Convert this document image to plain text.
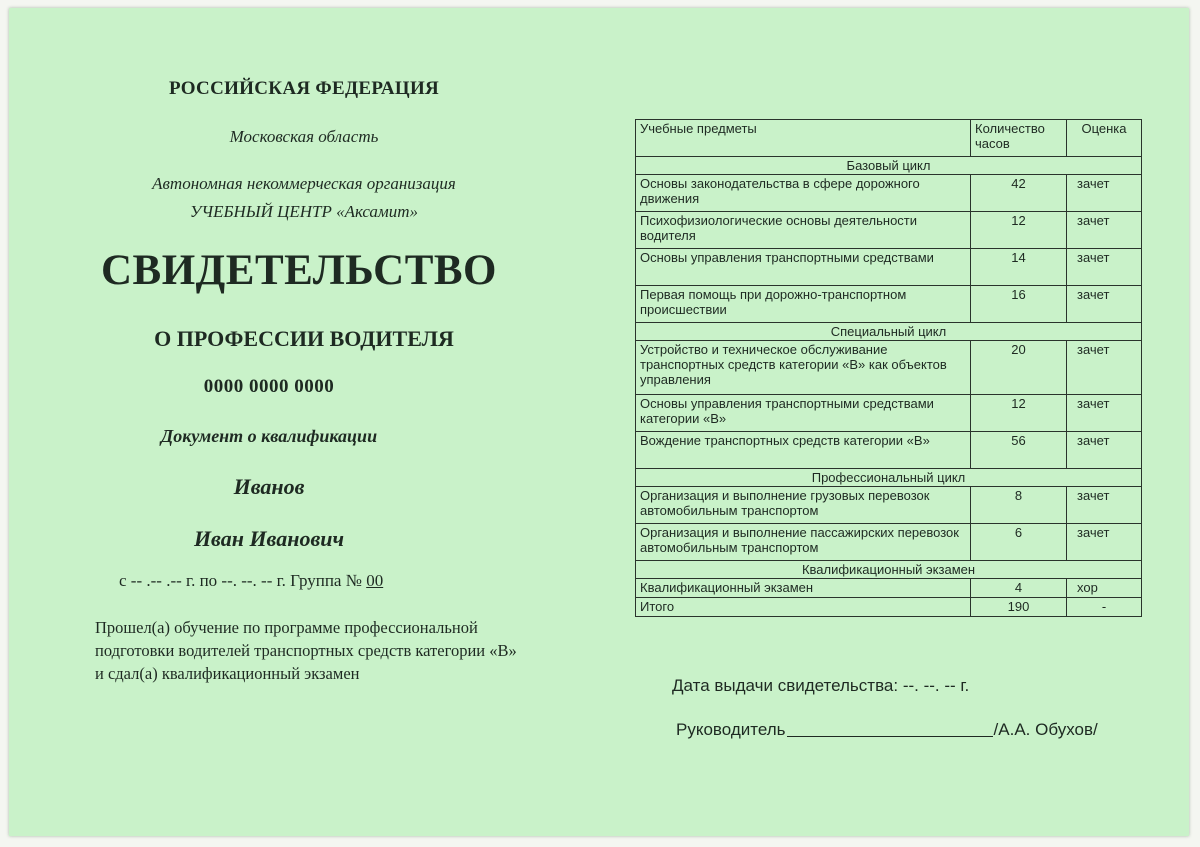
РОССИЙСКАЯ ФЕДЕРАЦИЯ
Московская область
Автономная некоммерческая организация
УЧЕБНЫЙ ЦЕНТР «Аксамит»
СВИДЕТЕЛЬСТВО
О ПРОФЕССИИ ВОДИТЕЛЯ
0000 0000 0000
Документ о квалификации
Иванов
Иван Иванович
с -- .-- .-- г. по --. --. -- г. Группа № 00
Прошел(а) обучение по программе профессиональной
подготовки водителей транспортных средств категории «В»
и сдал(а) квалификационный экзамен
Учебные предметы	Количество часов	Оценка
Базовый цикл		
Основы законодательства в сфере дорожного движения	42	зачет
Психофизиологические основы деятельности водителя	12	зачет
Основы управления транспортными средствами	14	зачет
Первая помощь при дорожно-транспортном происшествии	16	зачет
Специальный цикл		
Устройство и техническое обслуживание транспортных средств категории «В» как объектов управления	20	зачет
Основы управления транспортными средствами категории «В»	12	зачет
Вождение транспортных средств категории «В»	56	зачет
Профессиональный цикл		
Организация и выполнение грузовых перевозок автомобильным транспортом	8	зачет
Организация и выполнение пассажирских перевозок автомобильным транспортом	6	зачет
Квалификационный экзамен		
Квалификационный экзамен	4	хор
Итого	190	-
Дата выдачи свидетельства: --. --. -- г.
Руководитель	/А.А. Обухов/
